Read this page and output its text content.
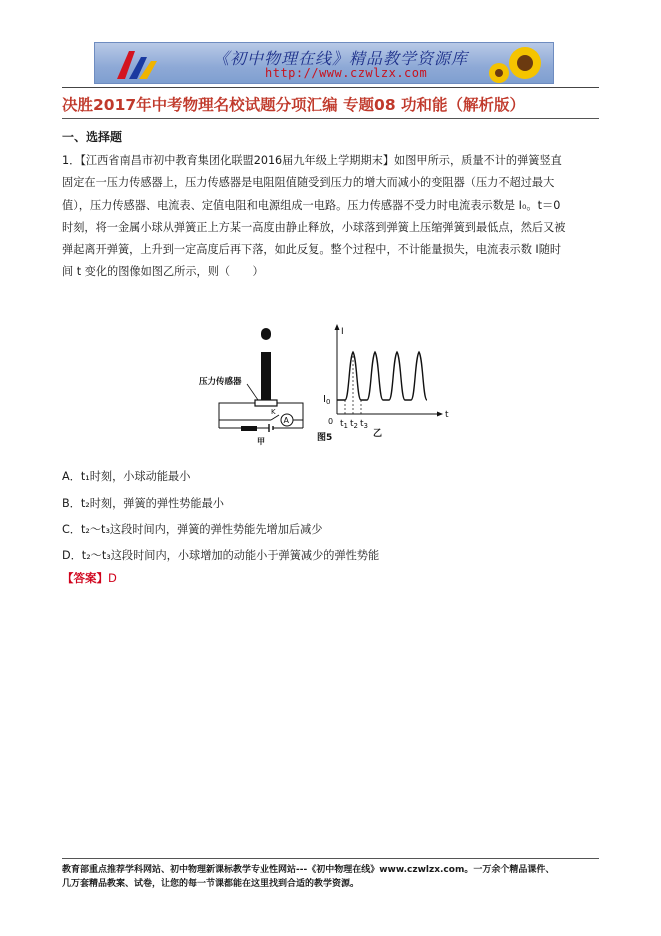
《初中物理在线》精品教学资源库
http://www.czwlzx.com
决胜2017年中考物理名校试题分项汇编 专题08 功和能（解析版）
一、选择题
1．【江西省南昌市初中教育集团化联盟2016届九年级上学期期末】如图甲所示，质量不计的弹簧竖直
固定在一压力传感器上，压力传感器是电阻阻值随受到压力的增大而减小的变阻器（压力不超过最大
值），压力传感器、电流表、定值电阻和电源组成一电路。压力传感器不受力时电流表示数是 I₀。t＝0
时刻，将一金属小球从弹簧正上方某一高度由静止释放，小球落到弹簧上压缩弹簧到最低点，然后又被
弹起离开弹簧，上升到一定高度后再下落，如此反复。整个过程中，不计能量损失，电流表示数 I随时
间 t 变化的图像如图乙所示，则（　　）
压力传感器
K
A
甲
I
t
0
$I_0$
$t_1$ $t_2$ $t_3$
图5	乙
A．t₁时刻，小球动能最小
B．t₂时刻，弹簧的弹性势能最小
C．t₂～t₃这段时间内，弹簧的弹性势能先增加后减少
D．t₂～t₃这段时间内，小球增加的动能小于弹簧减少的弹性势能
【答案】D
教育部重点推荐学科网站、初中物理新课标教学专业性网站---《初中物理在线》www.czwlzx.com。一万余个精品课件、
几万套精品教案、试卷，让您的每一节课都能在这里找到合适的教学资源。
